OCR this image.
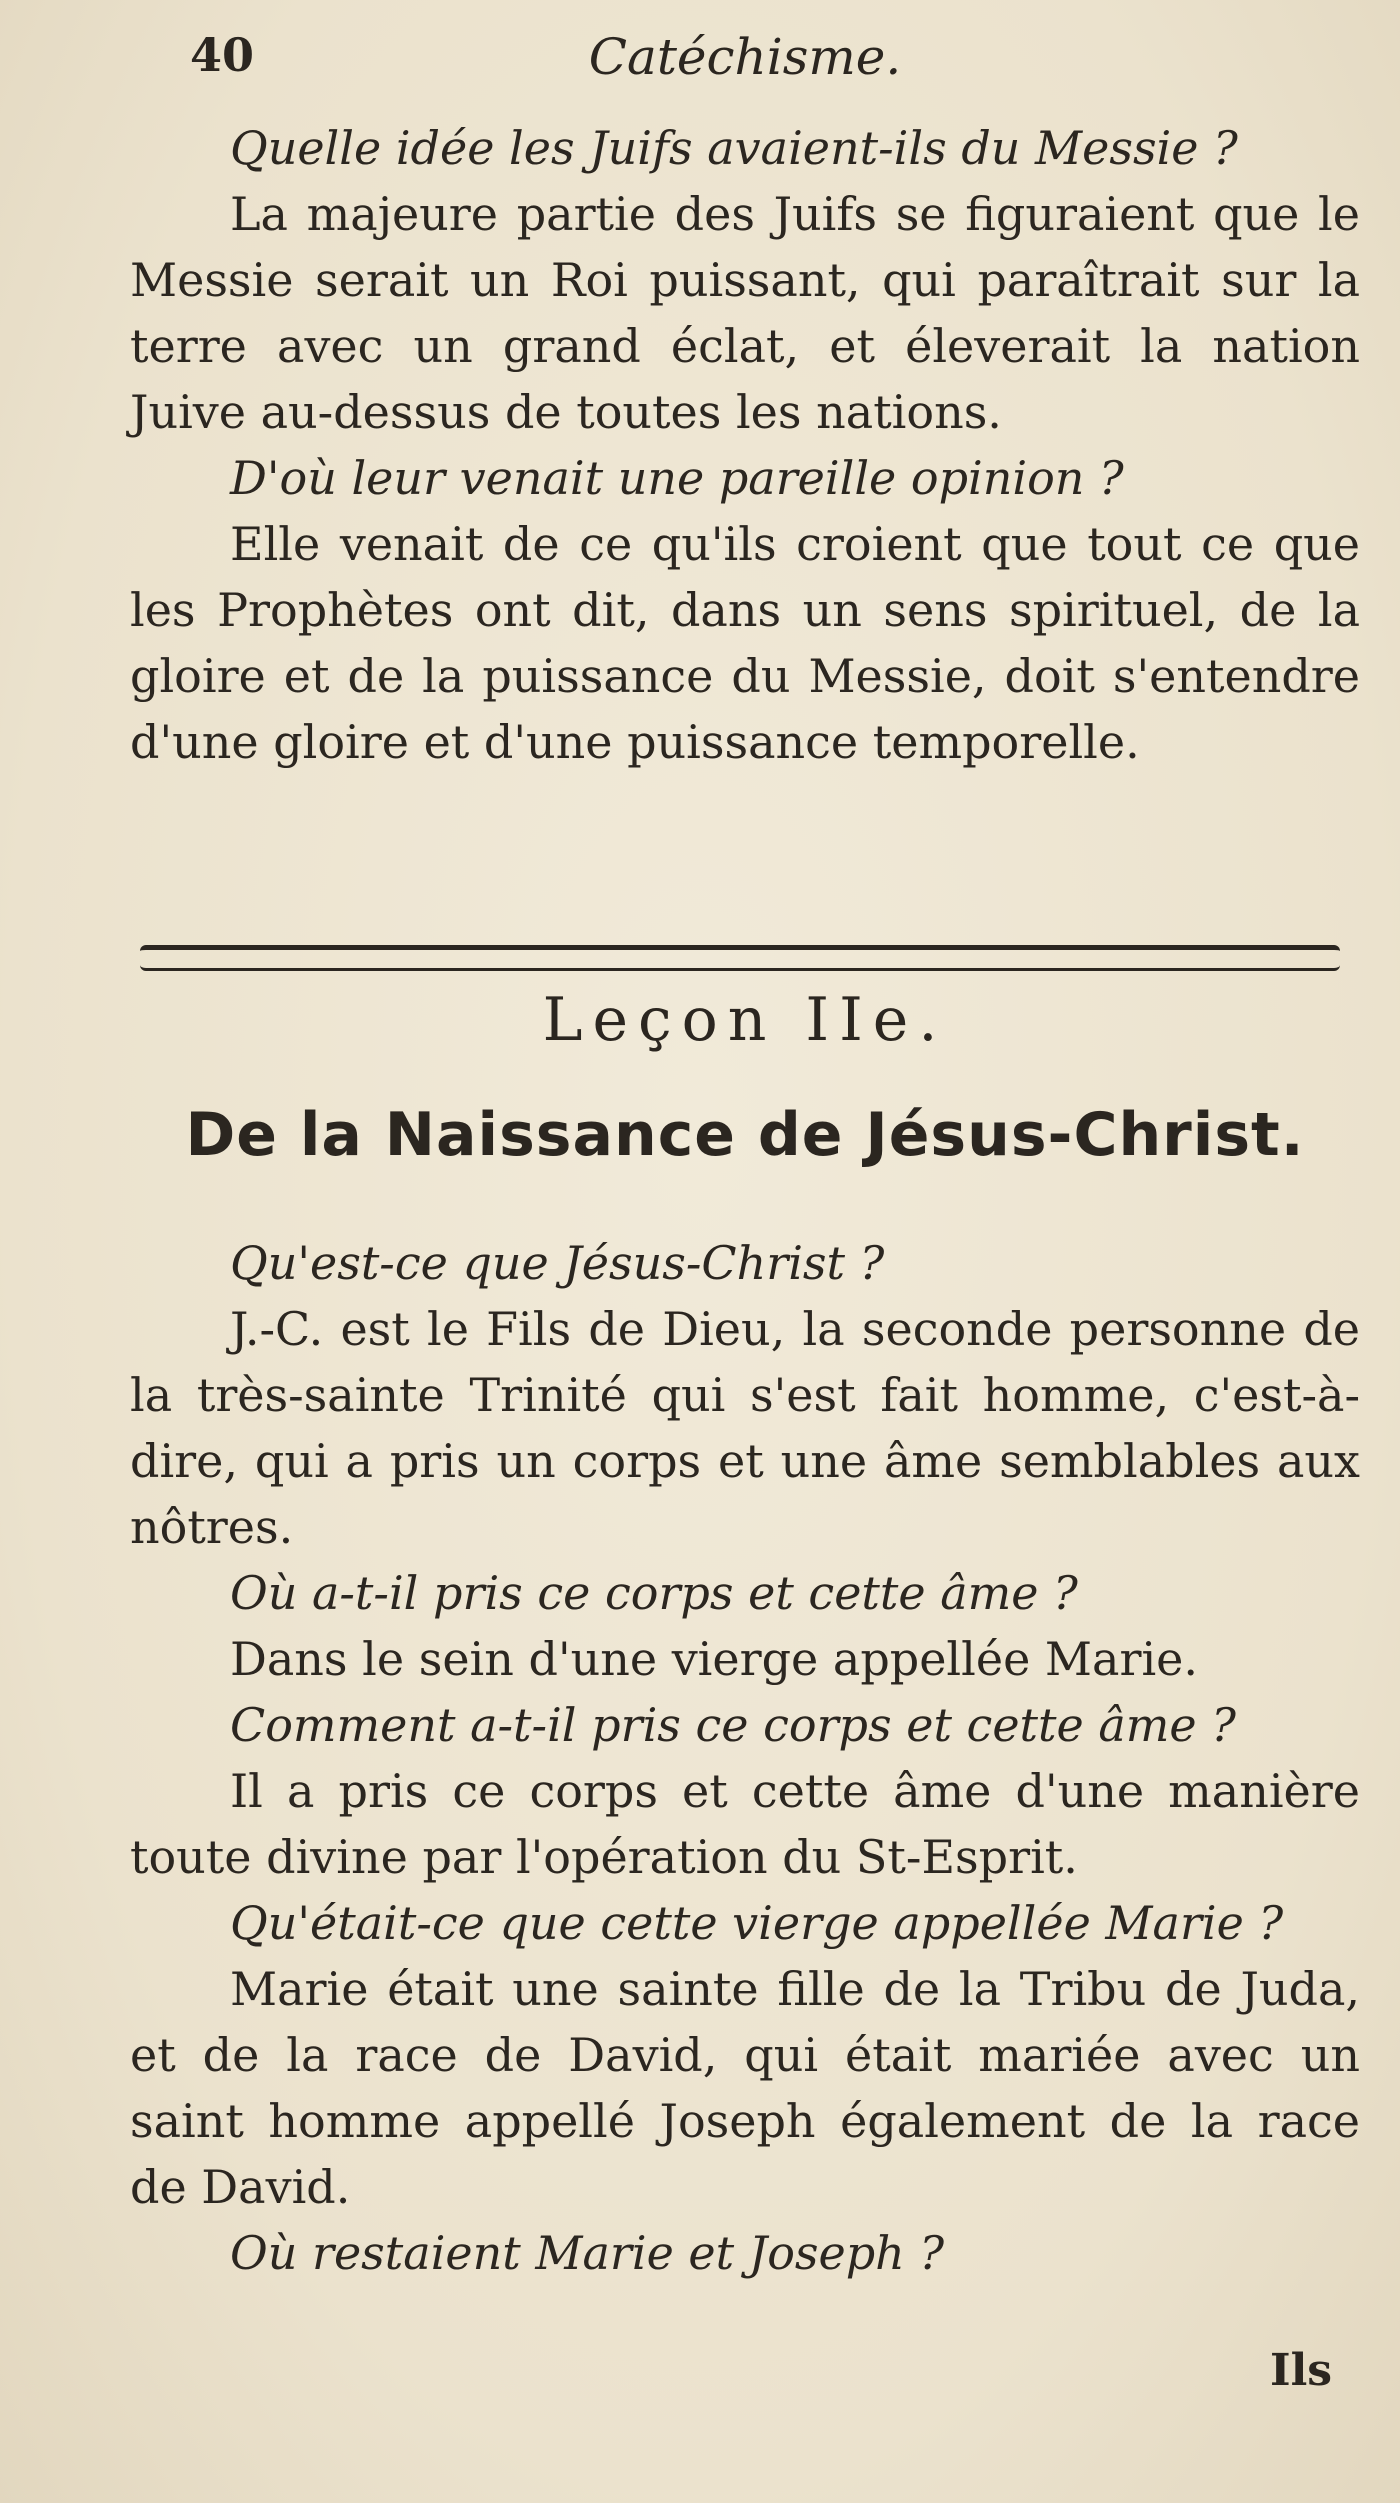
40	Catéchisme.
Quelle idée les Juifs avaient-ils du Messie ?
La majeure partie des Juifs se figuraient que le Messie serait un Roi puissant, qui paraîtrait sur la terre avec un grand éclat, et éleverait la nation Juive au-dessus de toutes les nations.
D'où leur venait une pareille opinion ?
Elle venait de ce qu'ils croient que tout ce que les Prophètes ont dit, dans un sens spirituel, de la gloire et de la puissance du Messie, doit s'entendre d'une gloire et d'une puissance temporelle.
Leçon IIe.
De la Naissance de Jésus-Christ.
Qu'est-ce que Jésus-Christ ?
J.-C. est le Fils de Dieu, la seconde personne de la très-sainte Trinité qui s'est fait homme, c'est-à-dire, qui a pris un corps et une âme semblables aux nôtres.
Où a-t-il pris ce corps et cette âme ?
Dans le sein d'une vierge appellée Marie.
Comment a-t-il pris ce corps et cette âme ?
Il a pris ce corps et cette âme d'une manière toute divine par l'opération du St-Esprit.
Qu'était-ce que cette vierge appellée Marie ?
Marie était une sainte fille de la Tribu de Juda, et de la race de David, qui était mariée avec un saint homme appellé Joseph également de la race de David.
Où restaient Marie et Joseph ?
Ils
